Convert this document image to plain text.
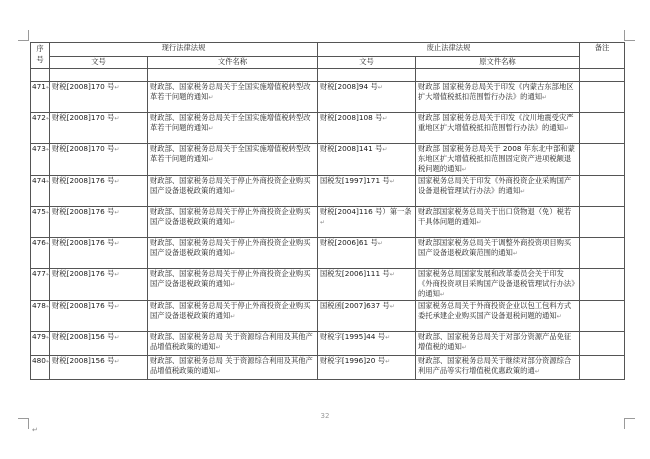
序
号	现行法律法规		废止法律法规		备注
	文号	文件名称	文号	原文件名称	

471↵	财税[2008]170 号↵	财政部、国家税务总局关于全国实施增值税转型改革若干问题的通知↵	财税[2008]94 号↵	财政部 国家税务总局关于印发《内蒙古东部地区扩大增值税抵扣范围暂行办法》的通知↵	
472↵	财税[2008]170 号↵	财政部、国家税务总局关于全国实施增值税转型改革若干问题的通知↵	财税[2008]108 号↵	财政部 国家税务总局关于印发《汶川地震受灾严重地区扩大增值税抵扣范围暂行办法》的通知↵	
473↵	财税[2008]170 号↵	财政部、国家税务总局关于全国实施增值税转型改革若干问题的通知↵	财税[2008]141 号↵	财政部 国家税务总局关于 2008 年东北中部和蒙东地区扩大增值税抵扣范围固定资产进项税额退税问题的通知↵	
474↵	财税[2008]176 号↵	财政部、国家税务总局关于停止外商投资企业购买国产设备退税政策的通知↵	国税发[1997]171 号↵	国家税务总局关于印发《外商投资企业采购国产设备退税管理试行办法》的通知↵	
475↵	财税[2008]176 号↵	财政部、国家税务总局关于停止外商投资企业购买国产设备退税政策的通知↵	财税[2004]116 号）第一条↵	财政部国家税务总局关于出口货物退（免）税若干具体问题的通知↵	
476↵	财税[2008]176 号↵	财政部、国家税务总局关于停止外商投资企业购买国产设备退税政策的通知↵	财税[2006]61 号↵	财政部国家税务总局关于调整外商投资项目购买国产设备退税政策范围的通知↵	
477↵	财税[2008]176 号↵	财政部、国家税务总局关于停止外商投资企业购买国产设备退税政策的通知↵	国税发[2006]111 号↵	国家税务总局国家发展和改革委员会关于印发《外商投资项目采购国产设备退税管理试行办法》的通知↵	
478↵	财税[2008]176 号↵	财政部、国家税务总局关于停止外商投资企业购买国产设备退税政策的通知↵	国税函[2007]637 号↵	国家税务总局关于外商投资企业以包工包料方式委托承建企业购买国产设备退税问题的通知↵	
479↵	财税[2008]156 号↵	财政部、国家税务总局 关于资源综合利用及其他产品增值税政策的通知↵	财税字[1995]44 号↵	财政部、国家税务总局关于对部分资源产品免征增值税的通知↵	
480↵	财税[2008]156 号↵	财政部、国家税务总局 关于资源综合利用及其他产品增值税政策的通知↵	财税字[1996]20 号↵	财政部、国家税务总局关于继续对部分资源综合利用产品等实行增值税优惠政策的通↵	
32
↵
